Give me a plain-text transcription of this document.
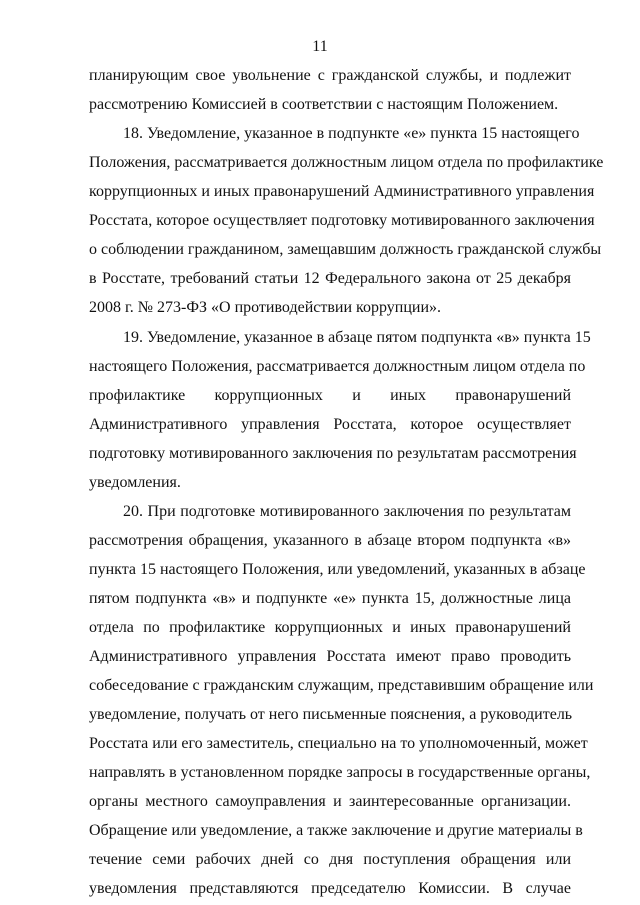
11
планирующим свое увольнение с гражданской службы, и подлежит
рассмотрению Комиссией в соответствии с настоящим Положением.
18. Уведомление, указанное в подпункте «е» пункта 15 настоящего
Положения, рассматривается должностным лицом отдела по профилактике
коррупционных и иных правонарушений Административного управления
Росстата, которое осуществляет подготовку мотивированного заключения
о соблюдении гражданином, замещавшим должность гражданской службы
в Росстате, требований статьи 12 Федерального закона от 25 декабря
2008 г. № 273-ФЗ «О противодействии коррупции».
19. Уведомление, указанное в абзаце пятом подпункта «в» пункта 15
настоящего Положения, рассматривается должностным лицом отдела по
профилактике коррупционных и иных правонарушений
Административного управления Росстата, которое осуществляет
подготовку мотивированного заключения по результатам рассмотрения
уведомления.
20. При подготовке мотивированного заключения по результатам
рассмотрения обращения, указанного в абзаце втором подпункта «в»
пункта 15 настоящего Положения, или уведомлений, указанных в абзаце
пятом подпункта «в» и подпункте «е» пункта 15, должностные лица
отдела по профилактике коррупционных и иных правонарушений
Административного управления Росстата имеют право проводить
собеседование с гражданским служащим, представившим обращение или
уведомление, получать от него письменные пояснения, а руководитель
Росстата или его заместитель, специально на то уполномоченный, может
направлять в установленном порядке запросы в государственные органы,
органы местного самоуправления и заинтересованные организации.
Обращение или уведомление, а также заключение и другие материалы в
течение семи рабочих дней со дня поступления обращения или
уведомления представляются председателю Комиссии. В случае
